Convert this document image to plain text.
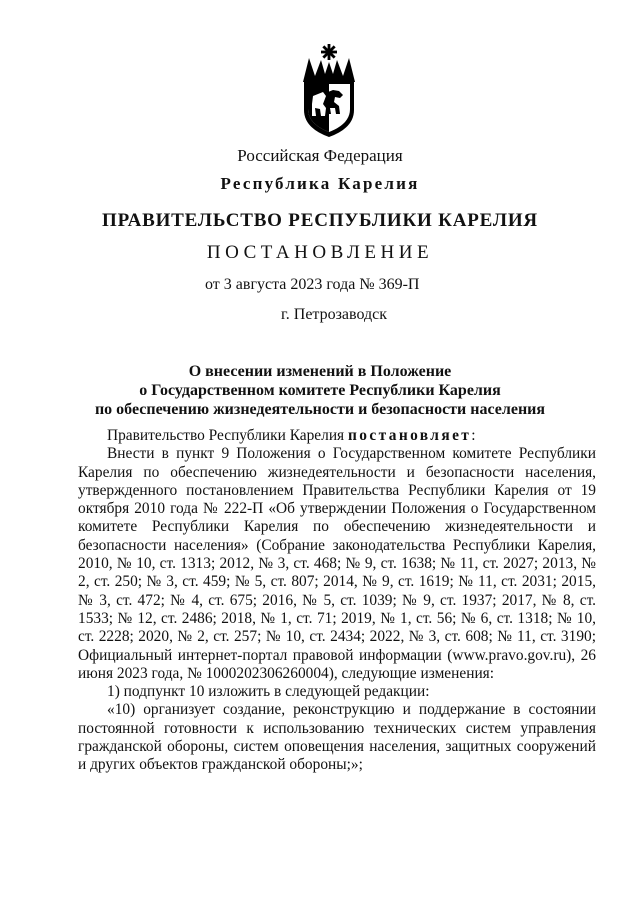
Российская Федерация
Республика Карелия
ПРАВИТЕЛЬСТВО РЕСПУБЛИКИ КАРЕЛИЯ
ПОСТАНОВЛЕНИЕ
от 3 августа 2023 года № 369-П
г. Петрозаводск
О внесении изменений в Положение
о Государственном комитете Республики Карелия
по обеспечению жизнедеятельности и безопасности населения

Правительство Республики Карелия постановляет:

Внести в пункт 9 Положения о Государственном комитете Республики Карелия по обеспечению жизнедеятельности и безопасности населения, утвержденного постановлением Правительства Республики Карелия от 19 октября 2010 года № 222-П «Об утверждении Положения о Государственном комитете Республики Карелия по обеспечению жизнедеятельности и безопасности населения» (Собрание законодательства Республики Карелия, 2010, № 10, ст. 1313; 2012, № 3, ст. 468; № 9, ст. 1638; № 11, ст. 2027; 2013, № 2, ст. 250; № 3, ст. 459; № 5, ст. 807; 2014, № 9, ст. 1619; № 11, ст. 2031; 2015, № 3, ст. 472; № 4, ст. 675; 2016, № 5, ст. 1039; № 9, ст. 1937; 2017, № 8, ст. 1533; № 12, ст. 2486; 2018, № 1, ст. 71; 2019, № 1, ст. 56; № 6, ст. 1318; № 10, ст. 2228; 2020, № 2, ст. 257; № 10, ст. 2434; 2022, № 3, ст. 608; № 11, ст. 3190; Официальный интернет-портал правовой информации (www.pravo.gov.ru), 26 июня 2023 года, № 1000202306260004), следующие изменения:

1) подпункт 10 изложить в следующей редакции:

«10) организует создание, реконструкцию и поддержание в состоянии постоянной готовности к использованию технических систем управления гражданской обороны, систем оповещения населения, защитных сооружений и других объектов гражданской обороны;»;
